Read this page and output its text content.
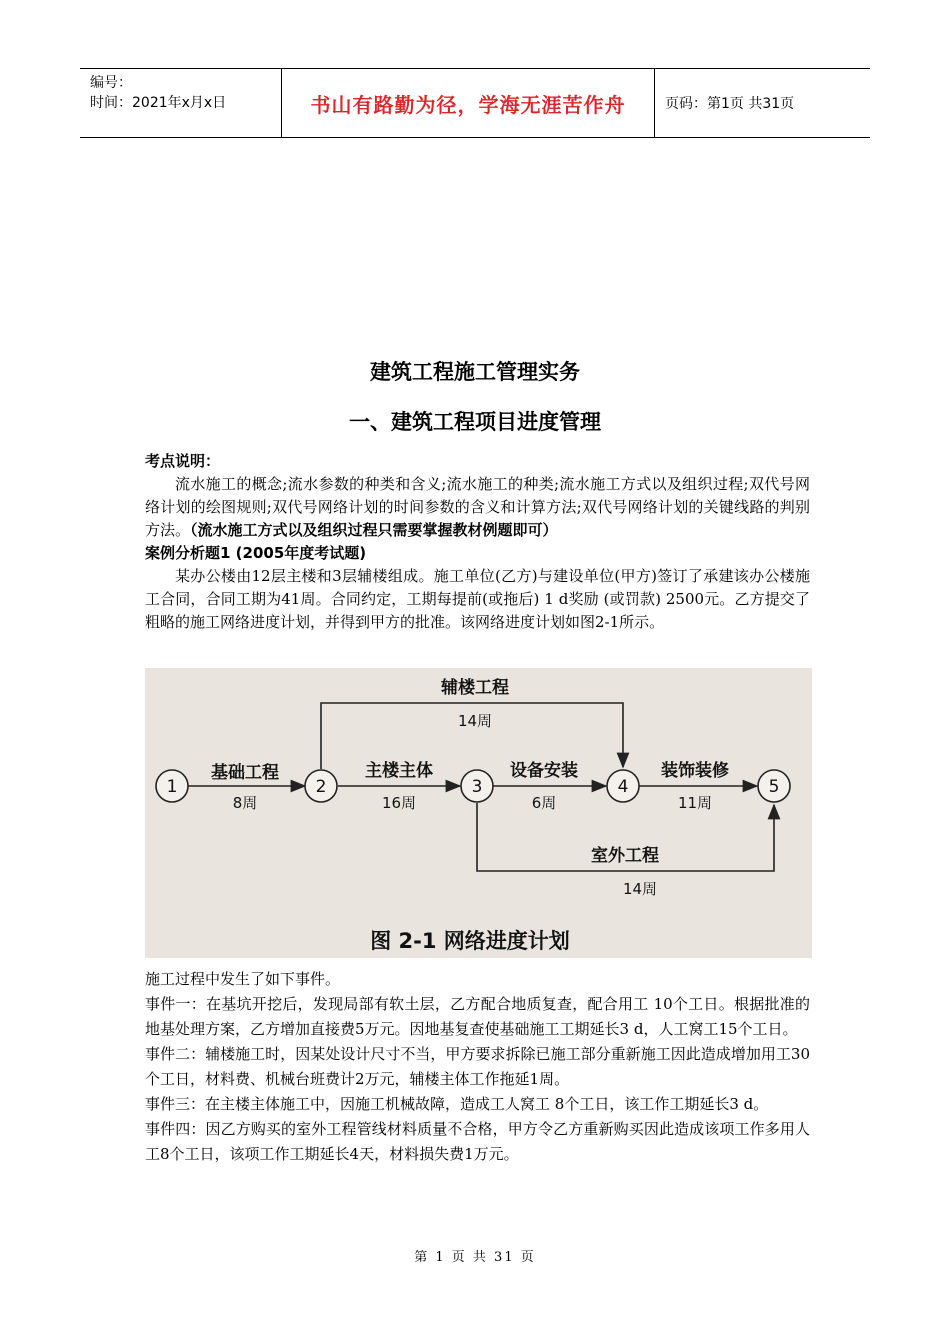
编号：
时间：2021年x月x日	书山有路勤为径，学海无涯苦作舟	页码：第1页 共31页
建筑工程施工管理实务
一、建筑工程项目进度管理

考点说明：

流水施工的概念;流水参数的种类和含义;流水施工的种类;流水施工方式以及组织过程;双代号网络计划的绘图规则;双代号网络计划的时间参数的含义和计算方法;双代号网络计划的关键线路的判别方法。（流水施工方式以及组织过程只需要掌握教材例题即可）

案例分析题1 (2005年度考试题)

某办公楼由12层主楼和3层辅楼组成。施工单位(乙方)与建设单位(甲方)签订了承建该办公楼施工合同，合同工期为41周。合同约定，工期每提前(或拖后) 1 d奖励 (或罚款) 2500元。乙方提交了粗略的施工网络进度计划，并得到甲方的批准。该网络进度计划如图2-1所示。

1	2	3	4	5
基础工程	主楼主体	设备安装	装饰装修
辅楼工程
室外工程
8周	16周	6周	11周
14周
14周
图 2-1 网络进度计划

施工过程中发生了如下事件。

事件一：在基坑开挖后，发现局部有软土层，乙方配合地质复查，配合用工 10个工日。根据批准的地基处理方案，乙方增加直接费5万元。因地基复查使基础施工工期延长3 d，人工窝工15个工日。

事件二：辅楼施工时，因某处设计尺寸不当，甲方要求拆除已施工部分重新施工因此造成增加用工30个工日，材料费、机械台班费计2万元，辅楼主体工作拖延1周。

事件三：在主楼主体施工中，因施工机械故障，造成工人窝工 8个工日，该工作工期延长3 d。

事件四：因乙方购买的室外工程管线材料质量不合格，甲方令乙方重新购买因此造成该项工作多用人工8个工日，该项工作工期延长4天，材料损失费1万元。

第 1 页 共 31 页
